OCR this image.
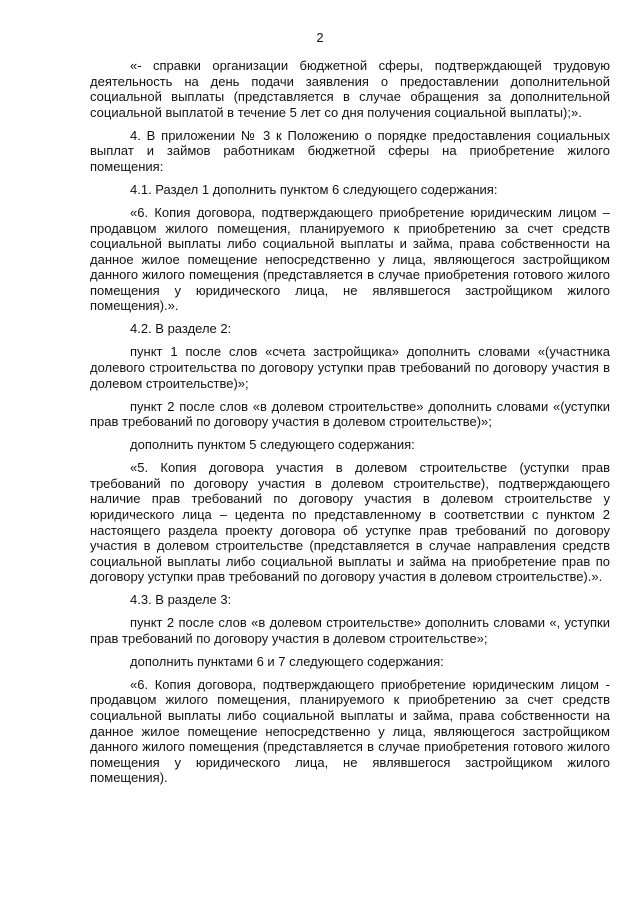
2

«- справки организации бюджетной сферы, подтверждающей трудовую деятельность на день подачи заявления о предоставлении дополнительной социальной выплаты (представляется в случае обращения за дополнительной социальной выплатой в течение 5 лет со дня получения социальной выплаты);».

4. В приложении № 3 к Положению о порядке предоставления социальных выплат и займов работникам бюджетной сферы на приобретение жилого помещения:

4.1. Раздел 1 дополнить пунктом 6 следующего содержания:

«6. Копия договора, подтверждающего приобретение юридическим лицом – продавцом жилого помещения, планируемого к приобретению за счет средств социальной выплаты либо социальной выплаты и займа, права собственности на данное жилое помещение непосредственно у лица, являющегося застройщиком данного жилого помещения (представляется в случае приобретения готового жилого помещения у юридического лица, не являвшегося застройщиком жилого помещения).».

4.2. В разделе 2:

пункт 1 после слов «счета застройщика» дополнить словами «(участника долевого строительства по договору уступки прав требований по договору участия в долевом строительстве)»;

пункт 2 после слов «в долевом строительстве» дополнить словами «(уступки прав требований по договору участия в долевом строительстве)»;

дополнить пунктом 5 следующего содержания:

«5. Копия договора участия в долевом строительстве (уступки прав требований по договору участия в долевом строительстве), подтверждающего наличие прав требований по договору участия в долевом строительстве у юридического лица – цедента по представленному в соответствии с пунктом 2 настоящего раздела проекту договора об уступке прав требований по договору участия в долевом строительстве (представляется в случае направления средств социальной выплаты либо социальной выплаты и займа на приобретение прав по договору уступки прав требований по договору участия в долевом строительстве).».

4.3. В разделе 3:

пункт 2 после слов «в долевом строительстве» дополнить словами «, уступки прав требований по договору участия в долевом строительстве»;

дополнить пунктами 6 и 7 следующего содержания:

«6. Копия договора, подтверждающего приобретение юридическим лицом - продавцом жилого помещения, планируемого к приобретению за счет средств социальной выплаты либо социальной выплаты и займа, права собственности на данное жилое помещение непосредственно у лица, являющегося застройщиком данного жилого помещения (представляется в случае приобретения готового жилого помещения у юридического лица, не являвшегося застройщиком жилого помещения).
